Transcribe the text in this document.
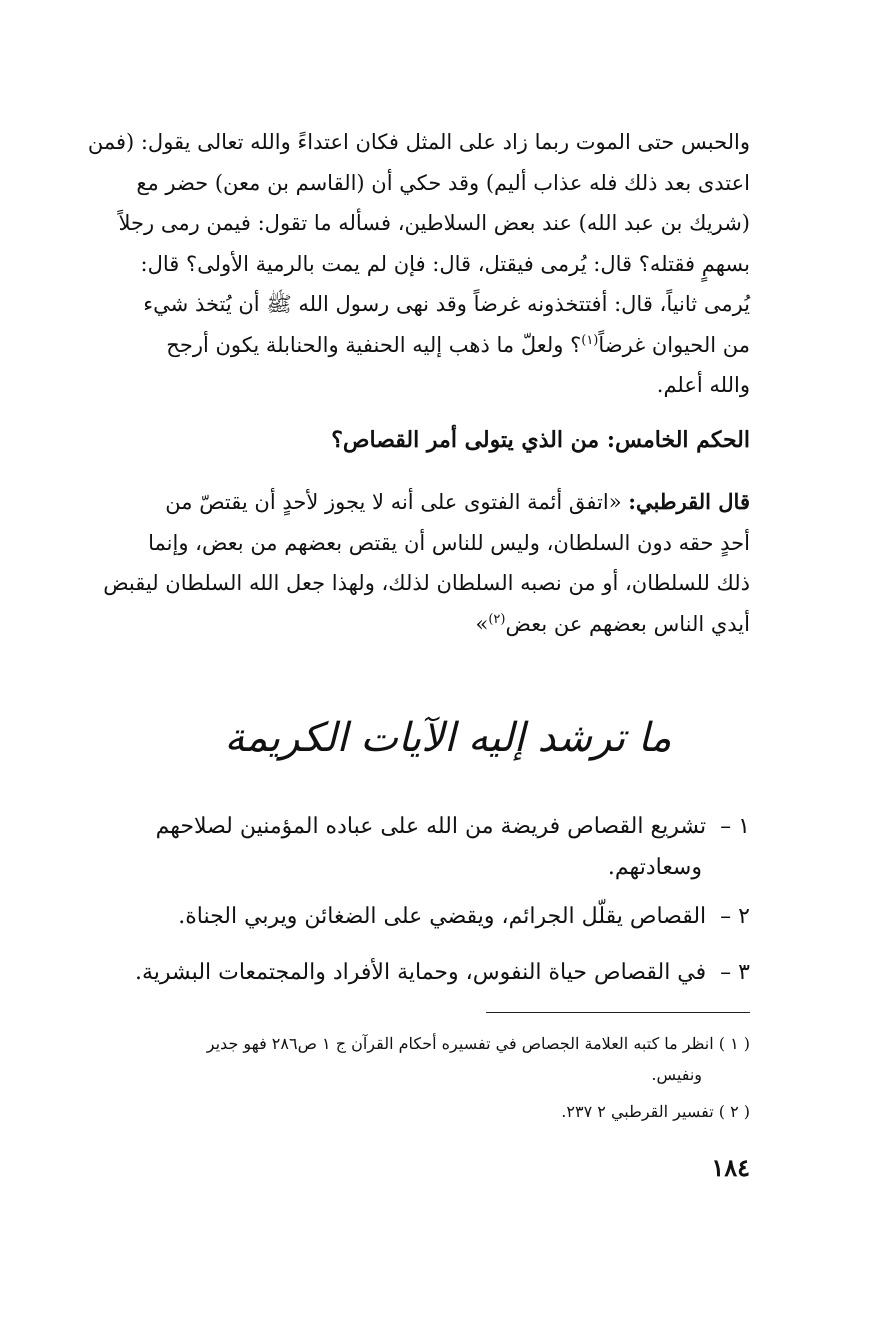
والحبس حتى الموت ربما زاد على المثل فكان اعتداءً والله تعالى يقول: (فمن
اعتدى بعد ذلك فله عذاب أليم) وقد حكي أن (القاسم بن معن) حضر مع
(شريك بن عبد الله) عند بعض السلاطين، فسأله ما تقول: فيمن رمى رجلاً
بسهمٍ فقتله؟ قال: يُرمى فيقتل، قال: فإن لم يمت بالرمية الأولى؟ قال:
يُرمى ثانياً، قال: أفتتخذونه غرضاً وقد نهى رسول الله ﷺ أن يُتخذ شيء
من الحيوان غرضاً$^{(١)}$؟ ولعلّ ما ذهب إليه الحنفية والحنابلة يكون أرجح
والله أعلم.
الحكم الخامس: من الذي يتولى أمر القصاص؟
قال القرطبي: «اتفق أئمة الفتوى على أنه لا يجوز لأحدٍ أن يقتصّ من
أحدٍ حقه دون السلطان، وليس للناس أن يقتص بعضهم من بعض، وإنما
ذلك للسلطان، أو من نصبه السلطان لذلك، ولهذا جعل الله السلطان ليقبض
أيدي الناس بعضهم عن بعض$^{(٢)}$»
ما ترشد إليه الآيات الكريمة
١ –تشريع القصاص فريضة من الله على عباده المؤمنين لصلاحهم
وسعادتهم.
٢ –القصاص يقلّل الجرائم، ويقضي على الضغائن ويربي الجناة.
٣ –في القصاص حياة النفوس، وحماية الأفراد والمجتمعات البشرية.
( ١ ) انظر ما كتبه العلامة الجصاص في تفسيره أحكام القرآن ج ١ ص٢٨٦ فهو جدير
ونفيس.
( ٢ ) تفسير القرطبي ٢ ٢٣٧.
١٨٤
